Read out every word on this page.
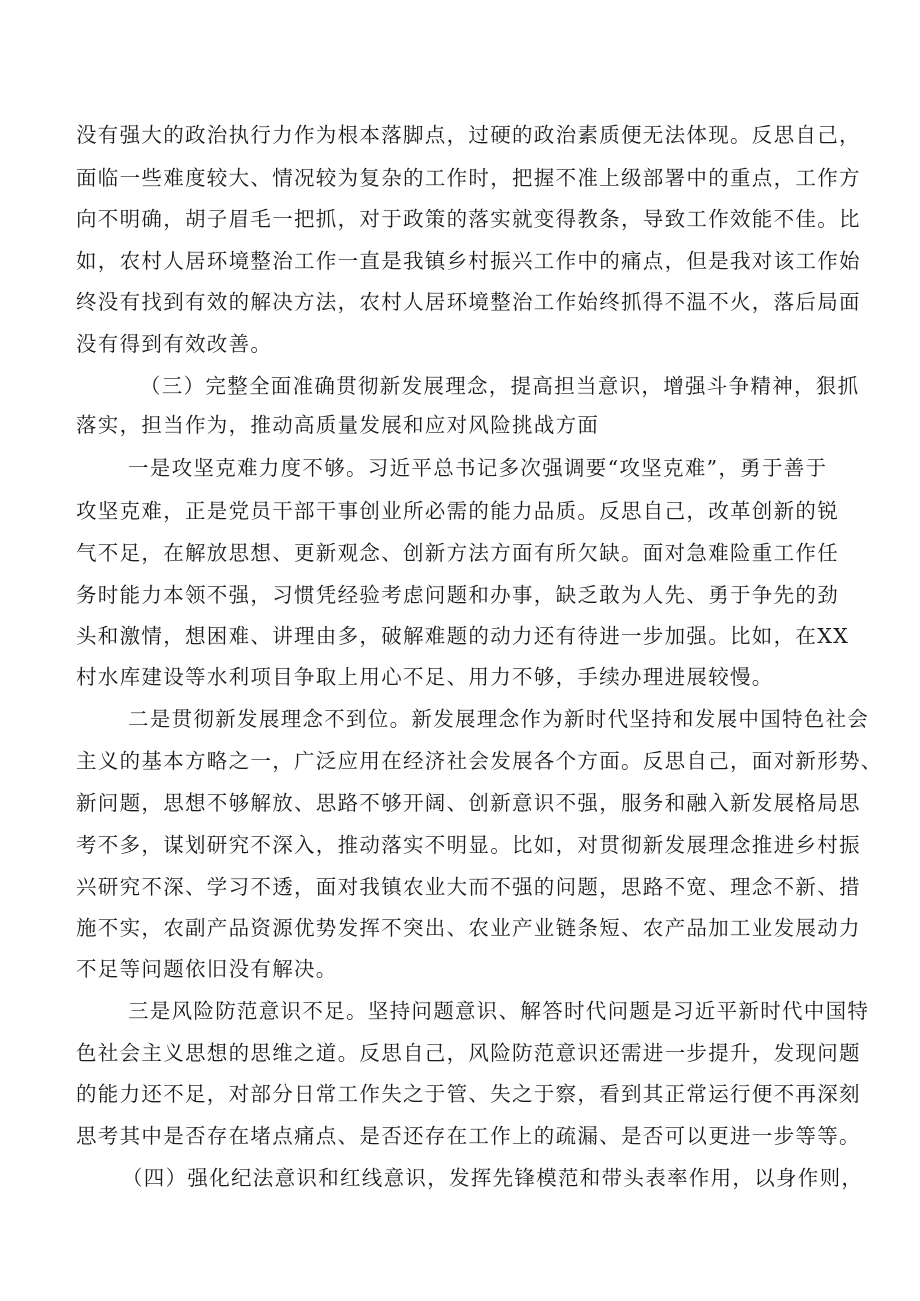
没有强大的政治执行力作为根本落脚点，过硬的政治素质便无法体现。反思自己，
面临一些难度较大、情况较为复杂的工作时，把握不准上级部署中的重点，工作方
向不明确，胡子眉毛一把抓，对于政策的落实就变得教条，导致工作效能不佳。比
如，农村人居环境整治工作一直是我镇乡村振兴工作中的痛点，但是我对该工作始
终没有找到有效的解决方法，农村人居环境整治工作始终抓得不温不火，落后局面
没有得到有效改善。
（三）完整全面准确贯彻新发展理念，提高担当意识，增强斗争精神，狠抓
落实，担当作为，推动高质量发展和应对风险挑战方面
一是攻坚克难力度不够。习近平总书记多次强调要“攻坚克难”，勇于善于
攻坚克难，正是党员干部干事创业所必需的能力品质。反思自己，改革创新的锐
气不足，在解放思想、更新观念、创新方法方面有所欠缺。面对急难险重工作任
务时能力本领不强，习惯凭经验考虑问题和办事，缺乏敢为人先、勇于争先的劲
头和激情，想困难、讲理由多，破解难题的动力还有待进一步加强。比如，在XX
村水库建设等水利项目争取上用心不足、用力不够，手续办理进展较慢。
二是贯彻新发展理念不到位。新发展理念作为新时代坚持和发展中国特色社会
主义的基本方略之一，广泛应用在经济社会发展各个方面。反思自己，面对新形势、
新问题，思想不够解放、思路不够开阔、创新意识不强，服务和融入新发展格局思
考不多，谋划研究不深入，推动落实不明显。比如，对贯彻新发展理念推进乡村振
兴研究不深、学习不透，面对我镇农业大而不强的问题，思路不宽、理念不新、措
施不实，农副产品资源优势发挥不突出、农业产业链条短、农产品加工业发展动力
不足等问题依旧没有解决。
三是风险防范意识不足。坚持问题意识、解答时代问题是习近平新时代中国特
色社会主义思想的思维之道。反思自己，风险防范意识还需进一步提升，发现问题
的能力还不足，对部分日常工作失之于管、失之于察，看到其正常运行便不再深刻
思考其中是否存在堵点痛点、是否还存在工作上的疏漏、是否可以更进一步等等。
（四）强化纪法意识和红线意识，发挥先锋模范和带头表率作用，以身作则，
